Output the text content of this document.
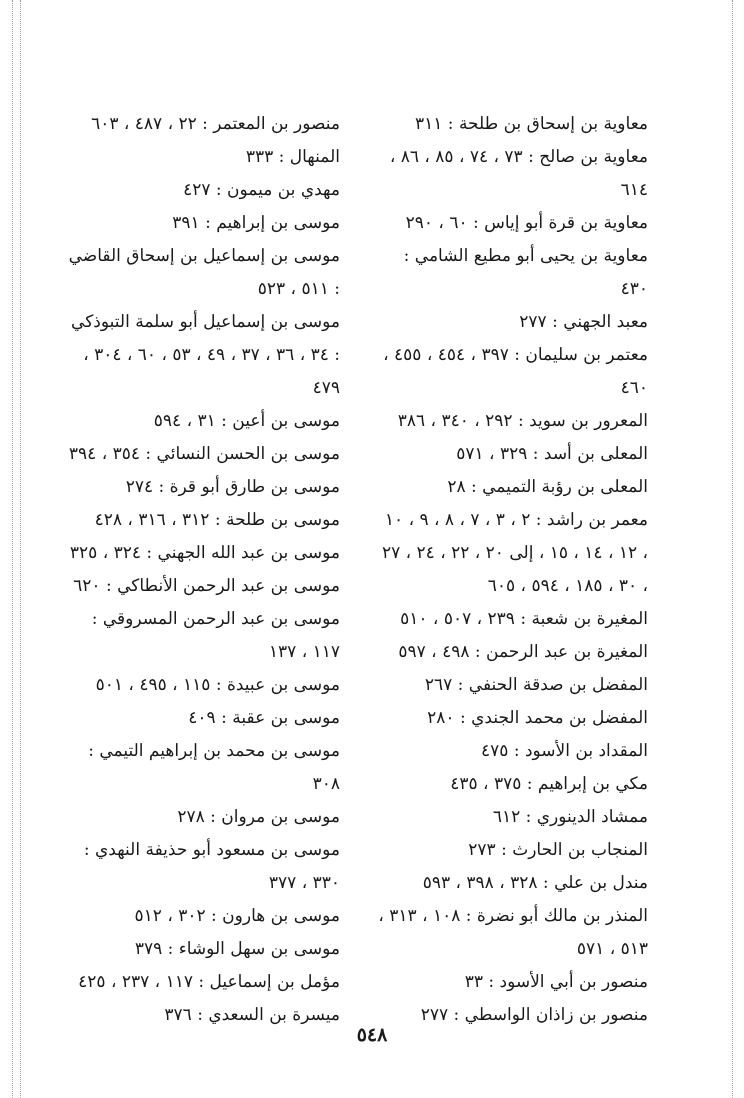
معاوية بن إسحاق بن طلحة : ٣١١

معاوية بن صالح : ٧٣ ، ٧٤ ، ٨٥ ، ٨٦ ، ٦١٤

معاوية بن قرة أبو إياس : ٦٠ ، ٢٩٠

معاوية بن يحيى أبو مطيع الشامي : ٤٣٠

معبد الجهني : ٢٧٧

معتمر بن سليمان : ٣٩٧ ، ٤٥٤ ، ٤٥٥ ، ٤٦٠

المعرور بن سويد : ٢٩٢ ، ٣٤٠ ، ٣٨٦

المعلى بن أسد : ٣٢٩ ، ٥٧١

المعلى بن رؤبة التميمي : ٢٨

معمر بن راشد : ٢ ، ٣ ، ٧ ، ٨ ، ٩ ، ١٠ ، ١٢ ، ١٤ ، ١٥ ، إلى ٢٠ ، ٢٢ ، ٢٤ ، ٢٧ ، ٣٠ ، ١٨٥ ، ٥٩٤ ، ٦٠٥

المغيرة بن شعبة : ٢٣٩ ، ٥٠٧ ، ٥١٠

المغيرة بن عبد الرحمن : ٤٩٨ ، ٥٩٧

المفضل بن صدقة الحنفي : ٢٦٧

المفضل بن محمد الجندي : ٢٨٠

المقداد بن الأسود : ٤٧٥

مكي بن إبراهيم : ٣٧٥ ، ٤٣٥

ممشاد الدينوري : ٦١٢

المنجاب بن الحارث : ٢٧٣

مندل بن علي : ٣٢٨ ، ٣٩٨ ، ٥٩٣

المنذر بن مالك أبو نضرة : ١٠٨ ، ٣١٣ ، ٥١٣ ، ٥٧١

منصور بن أبي الأسود : ٣٣

منصور بن زاذان الواسطي : ٢٧٧

منصور بن المعتمر : ٢٢ ، ٤٨٧ ، ٦٠٣

المنهال : ٣٣٣

مهدي بن ميمون : ٤٢٧

موسى بن إبراهيم : ٣٩١

موسى بن إسماعيل بن إسحاق القاضي : ٥١١ ، ٥٢٣

موسى بن إسماعيل أبو سلمة التبوذكي : ٣٤ ، ٣٦ ، ٣٧ ، ٤٩ ، ٥٣ ، ٦٠ ، ٣٠٤ ، ٤٧٩

موسى بن أعين : ٣١ ، ٥٩٤

موسى بن الحسن النسائي : ٣٥٤ ، ٣٩٤

موسى بن طارق أبو قرة : ٢٧٤

موسى بن طلحة : ٣١٢ ، ٣١٦ ، ٤٢٨

موسى بن عبد الله الجهني : ٣٢٤ ، ٣٢٥

موسى بن عبد الرحمن الأنطاكي : ٦٢٠

موسى بن عبد الرحمن المسروقي : ١١٧ ، ١٣٧

موسى بن عبيدة : ١١٥ ، ٤٩٥ ، ٥٠١

موسى بن عقبة : ٤٠٩

موسى بن محمد بن إبراهيم التيمي : ٣٠٨

موسى بن مروان : ٢٧٨

موسى بن مسعود أبو حذيفة النهدي : ٣٣٠ ، ٣٧٧

موسى بن هارون : ٣٠٢ ، ٥١٢

موسى بن سهل الوشاء : ٣٧٩

مؤمل بن إسماعيل : ١١٧ ، ٢٣٧ ، ٤٢٥

ميسرة بن السعدي : ٣٧٦

٥٤٨
